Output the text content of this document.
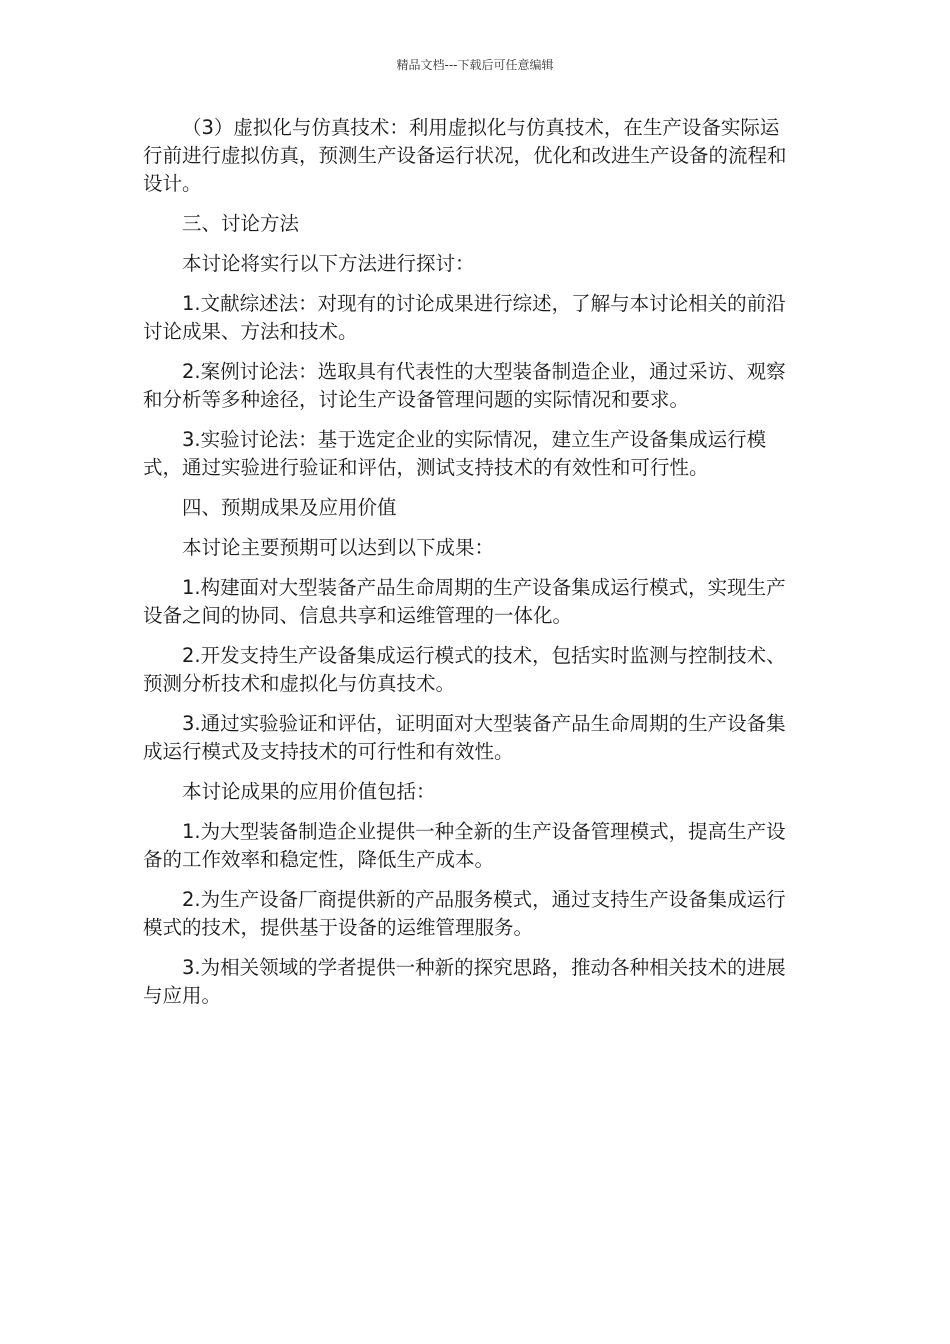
精品文档---下载后可任意编辑

（3）虚拟化与仿真技术：利用虚拟化与仿真技术，在生产设备实际运行前进行虚拟仿真，预测生产设备运行状况，优化和改进生产设备的流程和设计。

三、讨论方法

本讨论将实行以下方法进行探讨：

1.文献综述法：对现有的讨论成果进行综述，了解与本讨论相关的前沿讨论成果、方法和技术。

2.案例讨论法：选取具有代表性的大型装备制造企业，通过采访、观察和分析等多种途径，讨论生产设备管理问题的实际情况和要求。

3.实验讨论法：基于选定企业的实际情况，建立生产设备集成运行模式，通过实验进行验证和评估，测试支持技术的有效性和可行性。

四、预期成果及应用价值

本讨论主要预期可以达到以下成果：

1.构建面对大型装备产品生命周期的生产设备集成运行模式，实现生产设备之间的协同、信息共享和运维管理的一体化。

2.开发支持生产设备集成运行模式的技术，包括实时监测与控制技术、预测分析技术和虚拟化与仿真技术。

3.通过实验验证和评估，证明面对大型装备产品生命周期的生产设备集成运行模式及支持技术的可行性和有效性。

本讨论成果的应用价值包括：

1.为大型装备制造企业提供一种全新的生产设备管理模式，提高生产设备的工作效率和稳定性，降低生产成本。

2.为生产设备厂商提供新的产品服务模式，通过支持生产设备集成运行模式的技术，提供基于设备的运维管理服务。

3.为相关领域的学者提供一种新的探究思路，推动各种相关技术的进展与应用。
